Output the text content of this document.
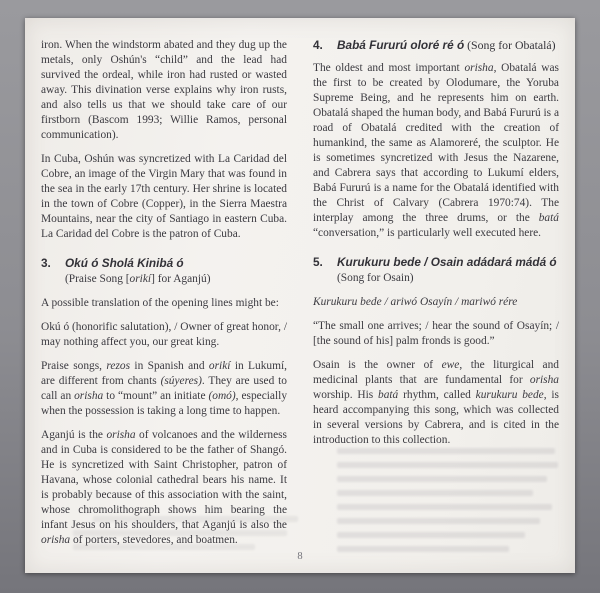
iron. When the windstorm abated and they dug up the metals, only Oshún's “child” and the lead had survived the ordeal, while iron had rusted or wasted away. This divination verse explains why iron rusts, and also tells us that we should take care of our firstborn (Bascom 1993; Willie Ramos, personal communication).

In Cuba, Oshún was syncretized with La Caridad del Cobre, an image of the Virgin Mary that was found in the sea in the early 17th century. Her shrine is located in the town of Cobre (Copper), in the Sierra Maestra Mountains, near the city of Santiago in eastern Cuba. La Caridad del Cobre is the patron of Cuba.

3.	Okú ó Sholá Kinibá ó

(Praise Song [orikí] for Aganjú)

A possible translation of the opening lines might be:

Okú ó (honorific salutation), / Owner of great honor, / may nothing affect you, our great king.

Praise songs, rezos in Spanish and orikí in Lukumí, are different from chants (súyeres). They are used to call an orisha to “mount” an initiate (omó), especially when the possession is taking a long time to happen.

Aganjú is the orisha of volcanoes and the wilderness and in Cuba is considered to be the father of Shangó. He is syncretized with Saint Christopher, patron of Havana, whose colonial cathedral bears his name. It is probably because of this association with the saint, whose chromolithograph shows him bearing the infant Jesus on his shoulders, that Aganjú is also the orisha of porters, stevedores, and boatmen.

4.	Babá Fururú oloré ré ó (Song for Obatalá)

The oldest and most important orisha, Obatalá was the first to be created by Olodumare, the Yoruba Supreme Being, and he represents him on earth. Obatalá shaped the human body, and Babá Fururú is a road of Obatalá credited with the creation of humankind, the same as Alamoreré, the sculptor. He is sometimes syncretized with Jesus the Nazarene, and Cabrera says that according to Lukumí elders, Babá Fururú is a name for the Obatalá identified with the Christ of Calvary (Cabrera 1970:74). The interplay among the three drums, or the batá “conversation,” is particularly well executed here.

5.	Kurukuru bede / Osain adádará mádá ó

(Song for Osain)

Kurukuru bede / ariwó Osayín / mariwó rére

“The small one arrives; / hear the sound of Osayín; / [the sound of his] palm fronds is good.”

Osain is the owner of ewe, the liturgical and medicinal plants that are fundamental for orisha worship. His batá rhythm, called kurukuru bede, is heard accompanying this song, which was collected in several versions by Cabrera, and is cited in the introduction to this collection.

8
